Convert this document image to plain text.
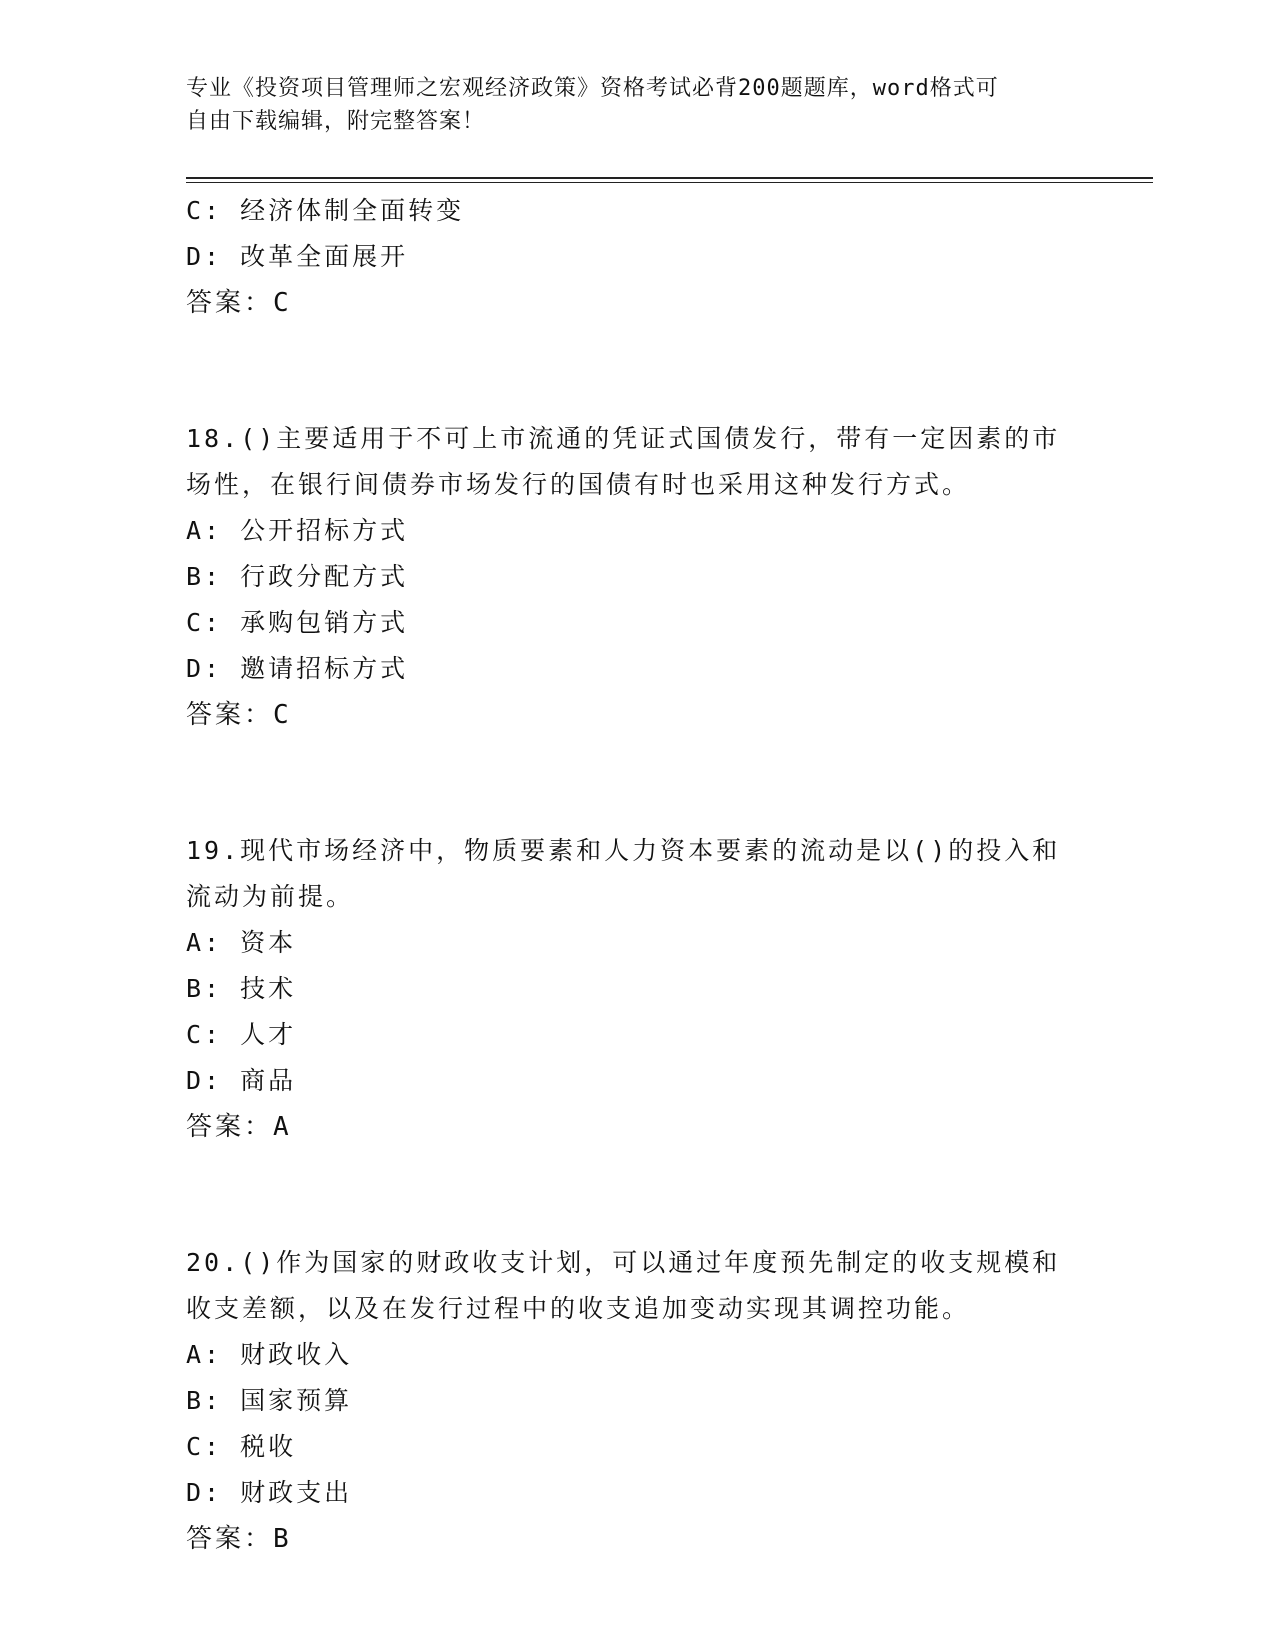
专业《投资项目管理师之宏观经济政策》资格考试必背200题题库，word格式可
自由下载编辑，附完整答案！
C: 经济体制全面转变
D: 改革全面展开
答案：C
18.()主要适用于不可上市流通的凭证式国债发行，带有一定因素的市
场性，在银行间债券市场发行的国债有时也采用这种发行方式。
A: 公开招标方式
B: 行政分配方式
C: 承购包销方式
D: 邀请招标方式
答案：C
19.现代市场经济中，物质要素和人力资本要素的流动是以()的投入和
流动为前提。
A: 资本
B: 技术
C: 人才
D: 商品
答案：A
20.()作为国家的财政收支计划，可以通过年度预先制定的收支规模和
收支差额，以及在发行过程中的收支追加变动实现其调控功能。
A: 财政收入
B: 国家预算
C: 税收
D: 财政支出
答案：B
